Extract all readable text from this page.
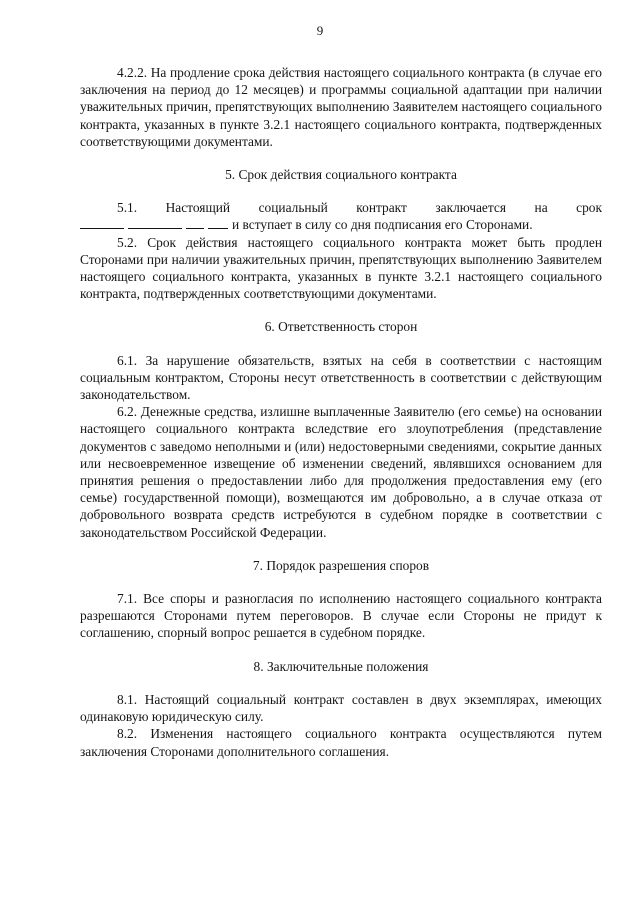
9

4.2.2. На продление срока действия настоящего социального контракта (в случае его заключения на период до 12 месяцев) и программы социальной адаптации при наличии уважительных причин, препятствующих выполнению Заявителем настоящего социального контракта, указанных в пункте 3.2.1 настоящего социального контракта, подтвержденных соответствующими документами.

5. Срок действия социального контракта

5.1. Настоящий социальный контракт заключается на срок

и вступает в силу со дня подписания его Сторонами.

5.2. Срок действия настоящего социального контракта может быть продлен Сторонами при наличии уважительных причин, препятствующих выполнению Заявителем настоящего социального контракта, указанных в пункте 3.2.1 настоящего социального контракта, подтвержденных соответствующими документами.

6. Ответственность сторон

6.1. За нарушение обязательств, взятых на себя в соответствии с настоящим социальным контрактом, Стороны несут ответственность в соответствии с действующим законодательством.

6.2. Денежные средства, излишне выплаченные Заявителю (его семье) на основании настоящего социального контракта вследствие его злоупотребления (представление документов с заведомо неполными и (или) недостоверными сведениями, сокрытие данных или несвоевременное извещение об изменении сведений, являвшихся основанием для принятия решения о предоставлении либо для продолжения предоставления ему (его семье) государственной помощи), возмещаются им добровольно, а в случае отказа от добровольного возврата средств истребуются в судебном порядке в соответствии с законодательством Российской Федерации.

7. Порядок разрешения споров

7.1. Все споры и разногласия по исполнению настоящего социального контракта разрешаются Сторонами путем переговоров. В случае если Стороны не придут к соглашению, спорный вопрос решается в судебном порядке.

8. Заключительные положения

8.1. Настоящий социальный контракт составлен в двух экземплярах, имеющих одинаковую юридическую силу.

8.2. Изменения настоящего социального контракта осуществляются путем заключения Сторонами дополнительного соглашения.
